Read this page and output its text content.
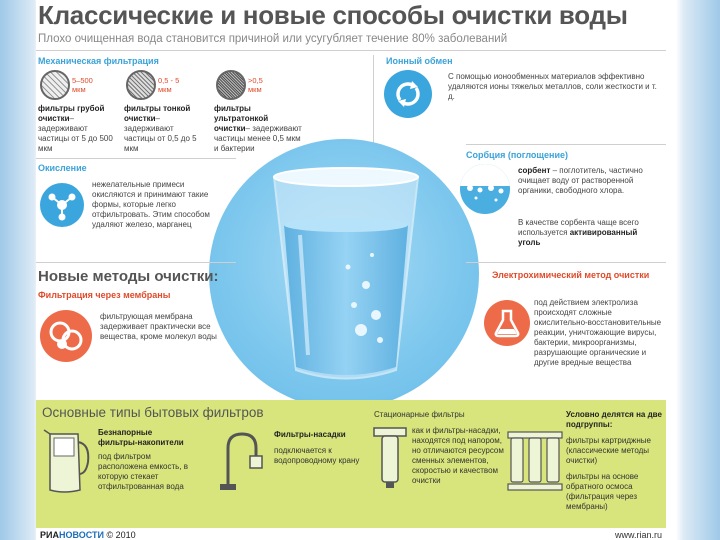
Классические и новые способы очистки воды
Плохо очищенная вода становится причиной или усугубляет течение 80% заболеваний
Механическая фильтрация
5–500
мкм
фильтры грубой очистки– задерживают частицы от 5 до 500 мкм
0,5 - 5
мкм
фильтры тонкой очистки– задерживают частицы от 0,5 до 5 мкм
>0,5
мкм
фильтры ультратонкой очистки– задерживают частицы менее 0,5 мкм и бактерии
Ионный обмен
С помощью ионообменных материалов эффективно удаляются ионы тяжелых металлов, соли жесткости и т. д.
Окисление
нежелательные примеси окисляются и принимают такие формы, которые легко отфильтровать. Этим способом удаляют железо, марганец
Сорбция (поглощение)
сорбент – поглотитель, частично очищает воду от растворенной органики, свободного хлора.
В качестве сорбента чаще всего используется активированный уголь
Новые методы очистки:
Фильтрация через мембраны
фильтрующая мембрана задерживает практически все вещества, кроме молекул воды
Электрохимический метод очистки
под действием электролиза происходят сложные окислительно-восстановительные реакции, уничтожающие вирусы, бактерии, микроорганизмы, разрушающие органические и другие вредные вещества
Основные типы бытовых фильтров
Безнапорные фильтры-накопители
под фильтром расположена емкость, в которую стекает отфильтрованная вода
Фильтры-насадки
подключается к водопроводному крану
Стационарные фильтры
как и фильтры-насадки, находятся под напором, но отличаются ресурсом сменных элементов, скоростью и качеством очистки
Условно делятся на две подгруппы:
фильтры картриджные (классические методы очистки)
фильтры на основе обратного осмоса (фильтрация через мембраны)
РИАНОВОСТИ © 2010	www.rian.ru
